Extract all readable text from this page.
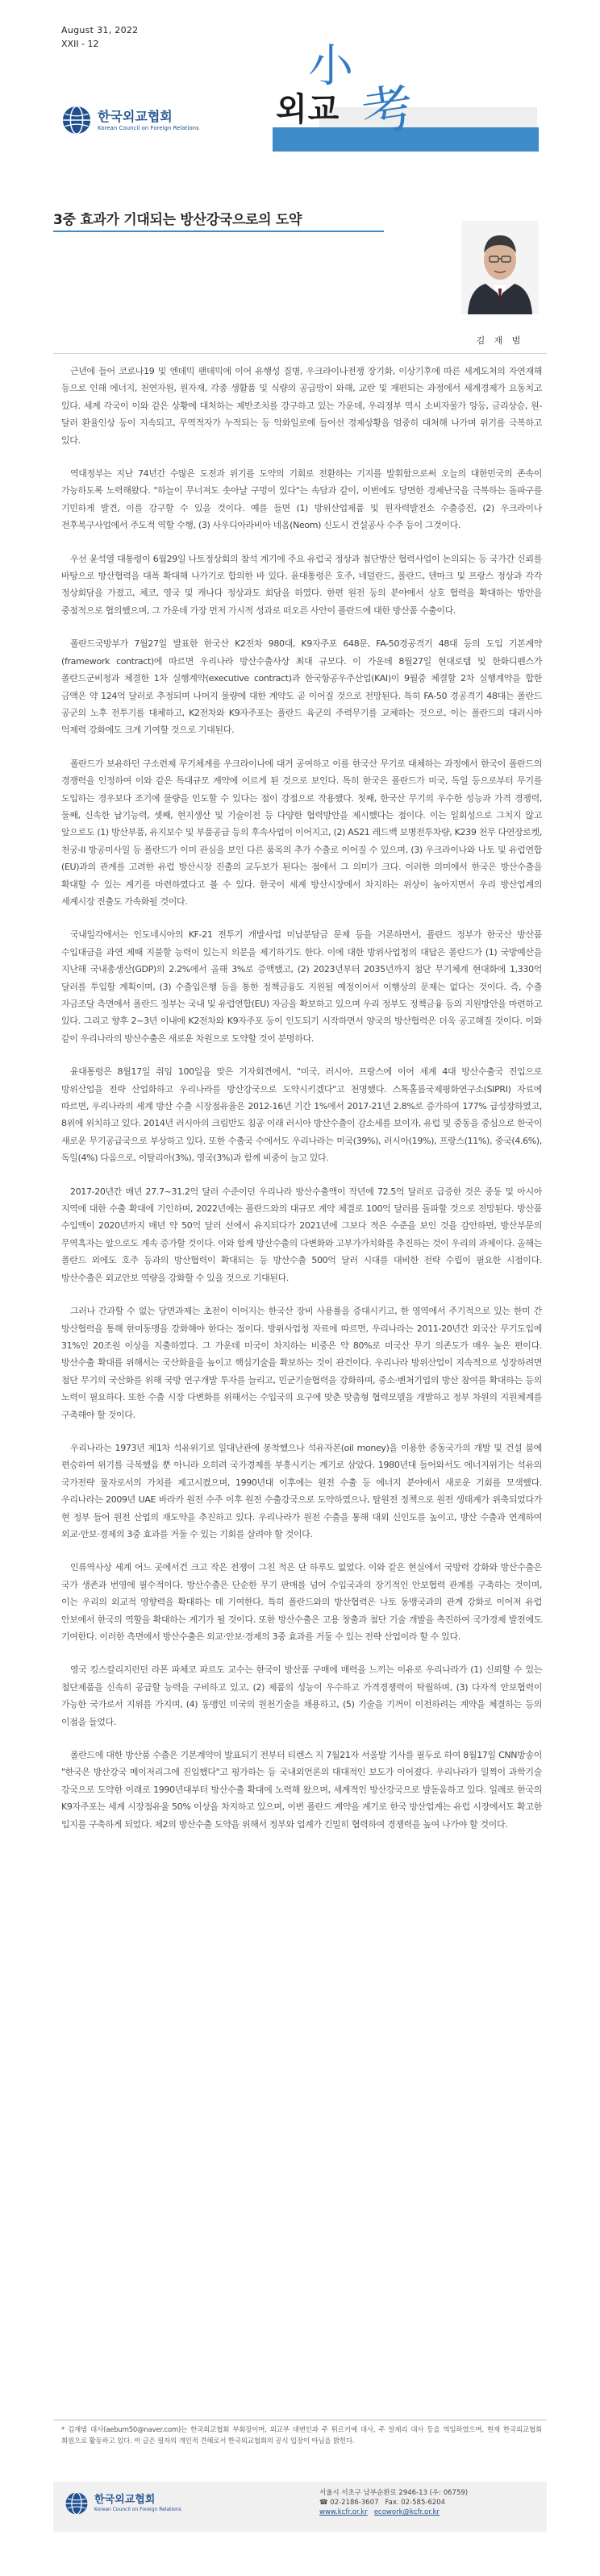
August 31, 2022
XXII - 12
한국외교협회
Korean Council on Foreign Relations
小
考
외교
3중 효과가 기대되는 방산강국으로의 도약
김 재 범

근년에 들어 코로나19 및 엔데믹 팬데믹에 이어 유행성 질병, 우크라이나전쟁 장기화, 이상기후에 따른 세계도처의 자연재해 등으로 인해 에너지, 천연자원, 원자재, 각종 생활품 및 식량의 공급망이 와해, 교란 및 재편되는 과정에서 세계경제가 요동치고 있다. 세계 각국이 이와 같은 상황에 대처하는 제반조치를 강구하고 있는 가운데, 우리정부 역시 소비자물가 앙등, 금리상승, 원-달러 환율인상 등이 지속되고, 무역적자가 누적되는 등 악화일로에 들어선 경제상황을 엄중히 대처해 나가며 위기를 극복하고 있다.

역대정부는 지난 74년간 수많은 도전과 위기를 도약의 기회로 전환하는 기지를 발휘함으로써 오늘의 대한민국의 존속이 가능하도록 노력해왔다. "하늘이 무너져도 솟아날 구멍이 있다"는 속담과 같이, 이번에도 당면한 경제난국을 극복하는 돌파구를 기민하게 발견, 이를 강구할 수 있을 것이다. 예를 들면 (1) 방위산업제품 및 원자력발전소 수출증진, (2) 우크라이나 전후복구사업에서 주도적 역할 수행, (3) 사우디아라비아 네옴(Neom) 신도시 건설공사 수주 등이 그것이다.

우선 윤석열 대통령이 6월29일 나토정상회의 참석 계기에 주요 유럽국 정상과 첨단방산 협력사업이 논의되는 등 국가간 신뢰를 바탕으로 방산협력을 대폭 확대해 나가기로 합의한 바 있다. 윤대통령은 호주, 네덜란드, 폴란드, 덴마크 및 프랑스 정상과 각각 정상회담을 가졌고, 체코, 영국 및 캐나다 정상과도 회담을 하였다. 한편 원전 등의 분야에서 상호 협력을 확대하는 방안을 중점적으로 협의했으며, 그 가운데 가장 먼저 가시적 성과로 떠오른 사안이 폴란드에 대한 방산품 수출이다.

폴란드국방부가 7월27일 발표한 한국산 K2전차 980대, K9자주포 648문, FA-50경공격기 48대 등의 도입 기본계약(framework contract)에 따르면 우리나라 방산수출사상 최대 규모다. 이 가운데 8월27일 현대로템 및 한화디펜스가 폴란드군비청과 체결한 1차 실행계약(executive contract)과 한국항공우주산업(KAI)이 9월중 체결할 2차 실행계약을 합한 금액은 약 124억 달러로 추정되며 나머지 물량에 대한 계약도 곧 이어질 것으로 전망된다. 특히 FA-50 경공격기 48대는 폴란드 공군의 노후 전투기를 대체하고, K2전차와 K9자주포는 폴란드 육군의 주력무기를 교체하는 것으로, 이는 폴란드의 대러시아 억제력 강화에도 크게 기여할 것으로 기대된다.

폴란드가 보유하던 구소련제 무기체계를 우크라이나에 대거 공여하고 이를 한국산 무기로 대체하는 과정에서 한국이 폴란드의 경쟁력을 인정하여 이와 같은 특대규모 계약에 이르게 된 것으로 보인다. 특히 한국은 폴란드가 미국, 독일 등으로부터 무기를 도입하는 경우보다 조기에 물량을 인도할 수 있다는 점이 강점으로 작용했다. 첫째, 한국산 무기의 우수한 성능과 가격 경쟁력, 둘째, 신속한 납기능력, 셋째, 현지생산 및 기술이전 등 다양한 협력방안을 제시했다는 점이다. 이는 일회성으로 그치지 않고 앞으로도 (1) 방산부품, 유지보수 및 부품공급 등의 후속사업이 이어지고, (2) AS21 레드백 보병전투차량, K239 천무 다연장로켓, 천궁-II 방공미사일 등 폴란드가 이미 관심을 보인 다른 품목의 추가 수출로 이어질 수 있으며, (3) 우크라이나와 나토 및 유럽연합(EU)과의 관계를 고려한 유럽 방산시장 진출의 교두보가 된다는 점에서 그 의미가 크다. 이러한 의미에서 한국은 방산수출을 확대할 수 있는 계기를 마련하였다고 볼 수 있다. 한국이 세계 방산시장에서 차지하는 위상이 높아지면서 우리 방산업계의 세계시장 진출도 가속화될 것이다.

국내일각에서는 인도네시아의 KF-21 전투기 개발사업 미납분담금 문제 등을 거론하면서, 폴란드 정부가 한국산 방산품 수입대금을 과연 제때 지불할 능력이 있는지 의문을 제기하기도 한다. 이에 대한 방위사업청의 대답은 폴란드가 (1) 국방예산을 지난해 국내총생산(GDP)의 2.2%에서 올해 3%로 증액했고, (2) 2023년부터 2035년까지 첨단 무기체계 현대화에 1,330억 달러를 투입할 계획이며, (3) 수출입은행 등을 통한 정책금융도 지원될 예정이어서 이행상의 문제는 없다는 것이다. 즉, 수출 자금조달 측면에서 폴란드 정부는 국내 및 유럽연합(EU) 자금을 확보하고 있으며 우리 정부도 정책금융 등의 지원방안을 마련하고 있다. 그리고 향후 2~3년 이내에 K2전차와 K9자주포 등이 인도되기 시작하면서 양국의 방산협력은 더욱 공고해질 것이다. 이와 같이 우리나라의 방산수출은 새로운 차원으로 도약할 것이 분명하다.

윤대통령은 8월17일 취임 100일을 맞은 기자회견에서, "미국, 러시아, 프랑스에 이어 세계 4대 방산수출국 진입으로 방위산업을 전략 산업화하고 우리나라를 방산강국으로 도약시키겠다"고 천명했다. 스톡홀름국제평화연구소(SIPRI) 자료에 따르면, 우리나라의 세계 방산 수출 시장점유율은 2012-16년 기간 1%에서 2017-21년 2.8%로 증가하여 177% 급성장하였고, 8위에 위치하고 있다. 2014년 러시아의 크림반도 침공 이래 러시아 방산수출이 감소세를 보이자, 유럽 및 중동을 중심으로 한국이 새로운 무기공급국으로 부상하고 있다. 또한 수출국 수에서도 우리나라는 미국(39%), 러시아(19%), 프랑스(11%), 중국(4.6%), 독일(4%) 다음으로, 이탈리아(3%), 영국(3%)과 함께 비중이 늘고 있다.

2017-20년간 매년 27.7~31.2억 달러 수준이던 우리나라 방산수출액이 작년에 72.5억 달러로 급증한 것은 중동 및 아시아 지역에 대한 수출 확대에 기인하며, 2022년에는 폴란드와의 대규모 계약 체결로 100억 달러를 돌파할 것으로 전망된다. 방산품 수입액이 2020년까지 매년 약 50억 달러 선에서 유지되다가 2021년에 그보다 적은 수준을 보인 것을 감안하면, 방산부문의 무역흑자는 앞으로도 계속 증가할 것이다. 이와 함께 방산수출의 다변화와 고부가가치화를 추진하는 것이 우리의 과제이다. 올해는 폴란드 외에도 호주 등과의 방산협력이 확대되는 등 방산수출 500억 달러 시대를 대비한 전략 수립이 필요한 시점이다. 방산수출은 외교안보 역량을 강화할 수 있을 것으로 기대된다.

그러나 간과할 수 없는 당면과제는 초전이 이어지는 한국산 장비 사용률을 증대시키고, 한 영역에서 주기적으로 있는 한미 간 방산협력을 통해 한미동맹을 강화해야 한다는 점이다. 방위사업청 자료에 따르면, 우리나라는 2011-20년간 외국산 무기도입에 31%인 20조원 이상을 지출하였다. 그 가운데 미국이 차지하는 비중은 약 80%로 미국산 무기 의존도가 매우 높은 편이다. 방산수출 확대를 위해서는 국산화율을 높이고 핵심기술을 확보하는 것이 관건이다. 우리나라 방위산업이 지속적으로 성장하려면 첨단 무기의 국산화를 위해 국방 연구개발 투자를 늘리고, 민군기술협력을 강화하며, 중소·벤처기업의 방산 참여를 확대하는 등의 노력이 필요하다. 또한 수출 시장 다변화를 위해서는 수입국의 요구에 맞춘 맞춤형 협력모델을 개발하고 정부 차원의 지원체계를 구축해야 할 것이다.

우리나라는 1973년 제1차 석유위기로 일대난관에 봉착했으나 석유자본(oil money)을 이용한 중동국가의 개발 및 건설 붐에 편승하여 위기를 극복했음 뿐 아니라 오히려 국가경제를 부흥시키는 계기로 삼았다. 1980년대 들어와서도 에너지위기는 석유의 국가전략 물자로서의 가치를 제고시켰으며, 1990년대 이후에는 원전 수출 등 에너지 분야에서 새로운 기회를 모색했다. 우리나라는 2009년 UAE 바라카 원전 수주 이후 원전 수출강국으로 도약하였으나, 탈원전 정책으로 원전 생태계가 위축되었다가 현 정부 들어 원전 산업의 재도약을 추진하고 있다. 우리나라가 원전 수출을 통해 대외 신인도를 높이고, 방산 수출과 연계하여 외교·안보·경제의 3중 효과를 거둘 수 있는 기회를 살려야 할 것이다.

인류역사상 세계 어느 곳에서건 크고 작은 전쟁이 그친 적은 단 하루도 없었다. 이와 같은 현실에서 국방력 강화와 방산수출은 국가 생존과 번영에 필수적이다. 방산수출은 단순한 무기 판매를 넘어 수입국과의 장기적인 안보협력 관계를 구축하는 것이며, 이는 우리의 외교적 영향력을 확대하는 데 기여한다. 특히 폴란드와의 방산협력은 나토 동맹국과의 관계 강화로 이어져 유럽 안보에서 한국의 역할을 확대하는 계기가 될 것이다. 또한 방산수출은 고용 창출과 첨단 기술 개발을 촉진하여 국가경제 발전에도 기여한다. 이러한 측면에서 방산수출은 외교·안보·경제의 3중 효과를 거둘 수 있는 전략 산업이라 할 수 있다.

영국 킹스칼리지런던 라몬 파체코 파르도 교수는 한국이 방산품 구매에 매력을 느끼는 이유로 우리나라가 (1) 신뢰할 수 있는 첨단제품을 신속히 공급할 능력을 구비하고 있고, (2) 제품의 성능이 우수하고 가격경쟁력이 탁월하며, (3) 다자적 안보협력이 가능한 국가로서 지위를 가지며, (4) 동맹인 미국의 원천기술을 채용하고, (5) 기술을 기꺼이 이전하려는 계약을 체결하는 등의 이점을 들었다.

폴란드에 대한 방산품 수출은 기본계약이 발표되기 전부터 티렌스 지 7월21자 서울발 기사를 필두로 하여 8월17일 CNN방송이 "한국은 방산강국 메이저리그에 진입했다"고 평가하는 등 국내외언론의 대대적인 보도가 이어졌다. 우리나라가 일찍이 과학기술 강국으로 도약한 이래로 1990년대부터 방산수출 확대에 노력해 왔으며, 세계적인 방산강국으로 발돋움하고 있다. 일례로 한국의 K9자주포는 세계 시장점유율 50% 이상을 차지하고 있으며, 이번 폴란드 계약을 계기로 한국 방산업계는 유럽 시장에서도 확고한 입지를 구축하게 되었다. 제2의 방산수출 도약을 위해서 정부와 업계가 긴밀히 협력하여 경쟁력을 높여 나가야 할 것이다.

* 김재범 대사(aebum50@naver.com)는 한국외교협회 부회장이며, 외교부 대변인과 주 튀르키예 대사, 주 알제리 대사 등을 역임하였으며, 현재 한국외교협회 회원으로 활동하고 있다. 이 글은 필자의 개인적 견해로서 한국외교협회의 공식 입장이 아님을 밝힌다.
한국외교협회
Korean Council on Foreign Relations
서울시 서초구 남부순환로 2946-13 (우: 06759)
☎ 02-2186-3607 Fax. 02-585-6204
www.kcfr.or.kr ecowork@kcfr.or.kr
